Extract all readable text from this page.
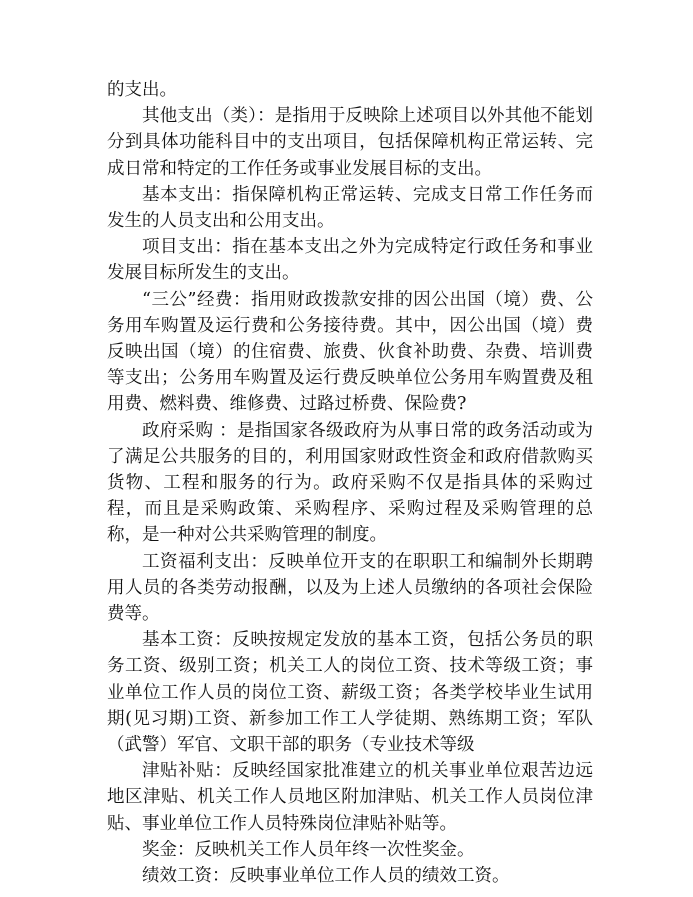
的支出。

其他支出（类）：是指用于反映除上述项目以外其他不能划分到具体功能科目中的支出项目，包括保障机构正常运转、完成日常和特定的工作任务或事业发展目标的支出。

基本支出：指保障机构正常运转、完成支日常工作任务而发生的人员支出和公用支出。

项目支出：指在基本支出之外为完成特定行政任务和事业发展目标所发生的支出。

“三公”经费：指用财政拨款安排的因公出国（境）费、公务用车购置及运行费和公务接待费。其中，因公出国（境）费反映出国（境）的住宿费、旅费、伙食补助费、杂费、培训费等支出；公务用车购置及运行费反映单位公务用车购置费及租用费、燃料费、维修费、过路过桥费、保险费?

政府采购 ：是指国家各级政府为从事日常的政务活动或为了满足公共服务的目的，利用国家财政性资金和政府借款购买货物、工程和服务的行为。政府采购不仅是指具体的采购过程，而且是采购政策、采购程序、采购过程及采购管理的总称，是一种对公共采购管理的制度。

工资福利支出：反映单位开支的在职职工和编制外长期聘用人员的各类劳动报酬，以及为上述人员缴纳的各项社会保险费等。

基本工资：反映按规定发放的基本工资，包括公务员的职务工资、级别工资；机关工人的岗位工资、技术等级工资；事业单位工作人员的岗位工资、薪级工资；各类学校毕业生试用期(见习期)工资、新参加工作工人学徒期、熟练期工资；军队（武警）军官、文职干部的职务（专业技术等级

津贴补贴：反映经国家批准建立的机关事业单位艰苦边远地区津贴、机关工作人员地区附加津贴、机关工作人员岗位津贴、事业单位工作人员特殊岗位津贴补贴等。

奖金：反映机关工作人员年终一次性奖金。

绩效工资：反映事业单位工作人员的绩效工资。
